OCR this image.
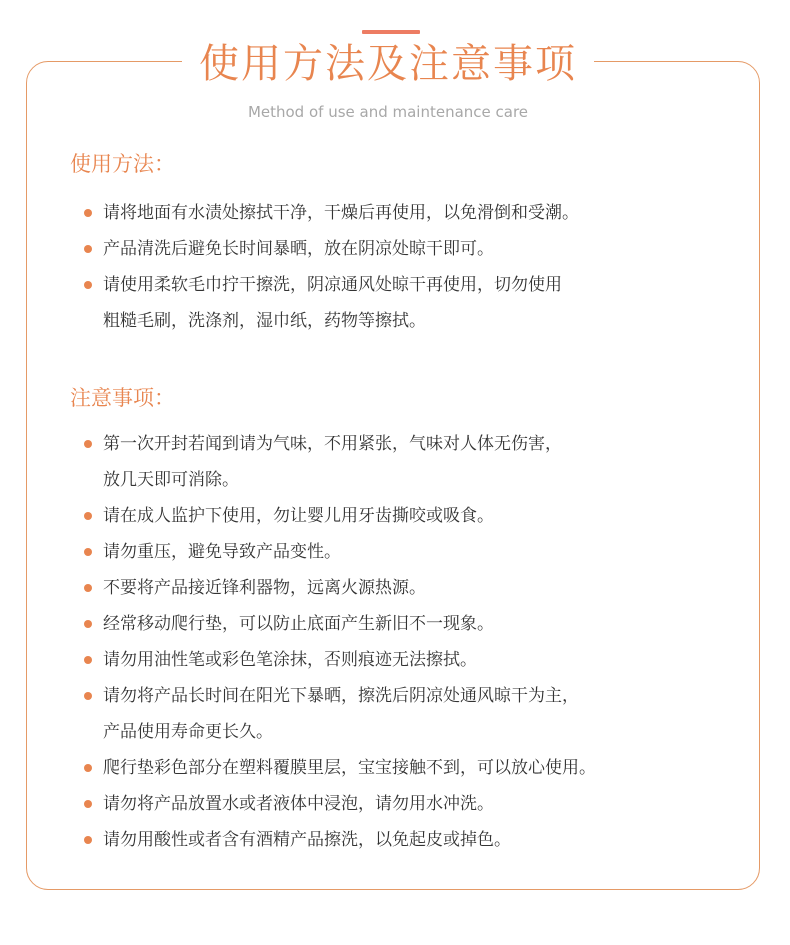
使用方法及注意事项
Method of use and maintenance care
使用方法：
请将地面有水渍处擦拭干净，干燥后再使用，以免滑倒和受潮。
产品清洗后避免长时间暴晒，放在阴凉处晾干即可。
请使用柔软毛巾拧干擦洗，阴凉通风处晾干再使用，切勿使用
粗糙毛刷，洗涤剂，湿巾纸，药物等擦拭。
注意事项：
第一次开封若闻到请为气味，不用紧张，气味对人体无伤害，
放几天即可消除。
请在成人监护下使用，勿让婴儿用牙齿撕咬或吸食。
请勿重压，避免导致产品变性。
不要将产品接近锋利器物，远离火源热源。
经常移动爬行垫，可以防止底面产生新旧不一现象。
请勿用油性笔或彩色笔涂抹，否则痕迹无法擦拭。
请勿将产品长时间在阳光下暴晒，擦洗后阴凉处通风晾干为主，
产品使用寿命更长久。
爬行垫彩色部分在塑料覆膜里层，宝宝接触不到，可以放心使用。
请勿将产品放置水或者液体中浸泡，请勿用水冲洗。
请勿用酸性或者含有酒精产品擦洗，以免起皮或掉色。
